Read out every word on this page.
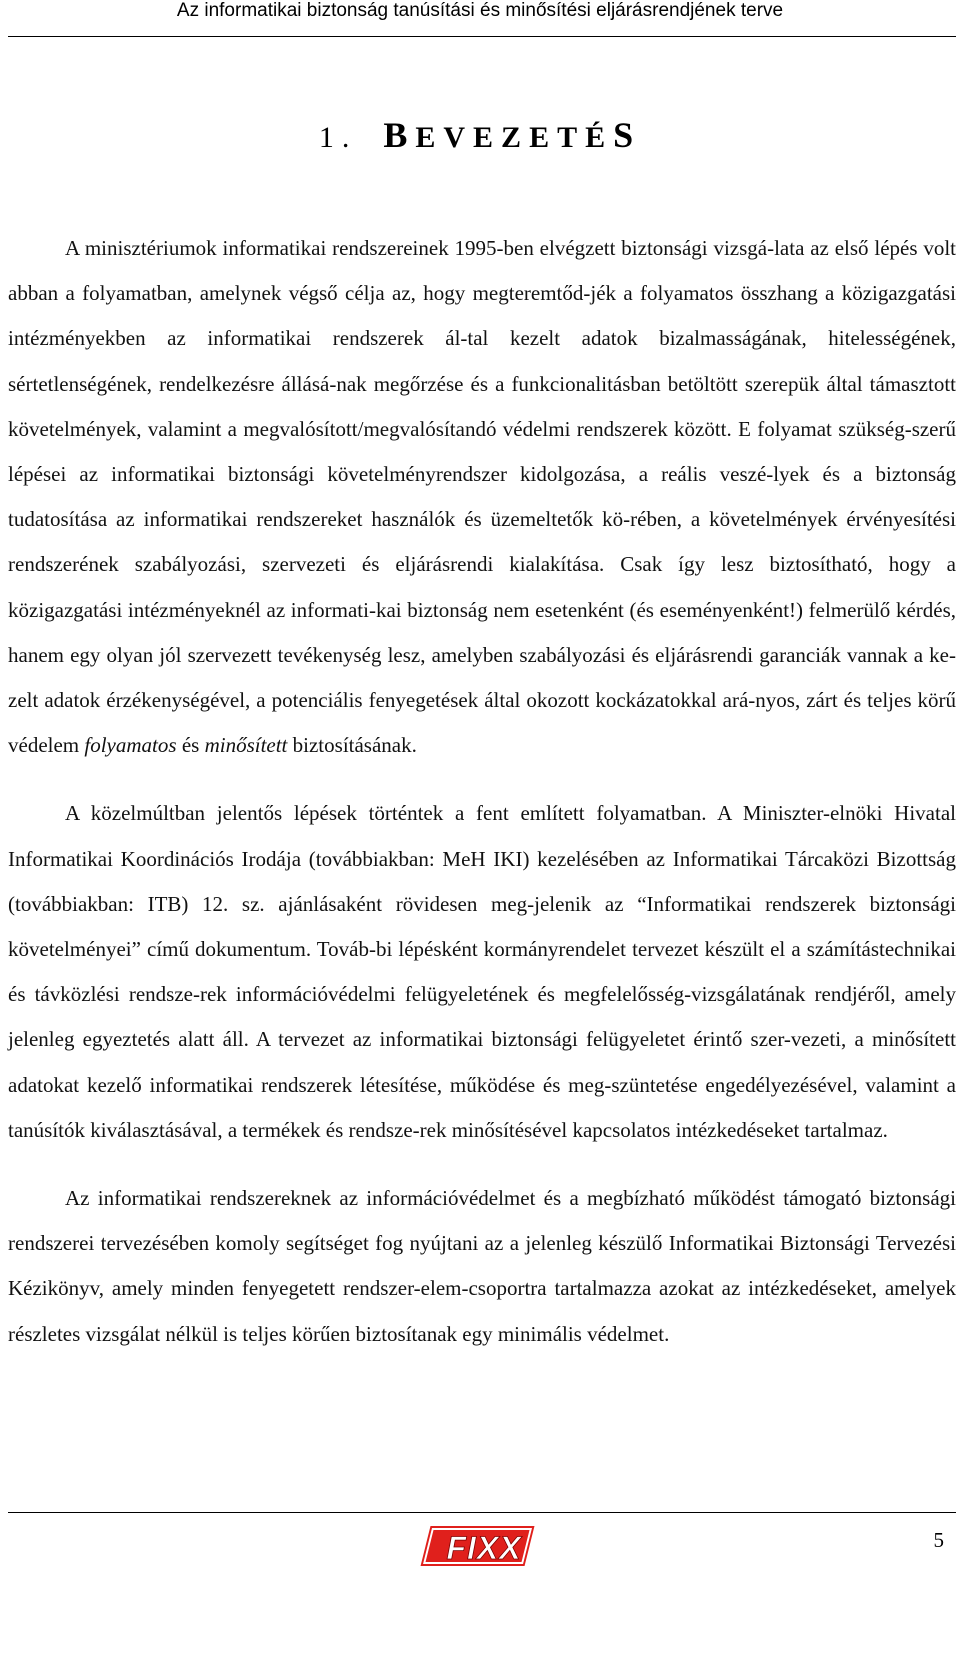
Az informatikai biztonság tanúsítási és minősítési eljárásrendjének terve
1. BEVEZETÉS

A minisztériumok informatikai rendszereinek 1995-ben elvégzett biztonsági vizsgá-lata az első lépés volt abban a folyamatban, amelynek végső célja az, hogy megteremtőd-jék a folyamatos összhang a közigazgatási intézményekben az informatikai rendszerek ál-tal kezelt adatok bizalmasságának, hitelességének, sértetlenségének, rendelkezésre állásá-nak megőrzése és a funkcionalitásban betöltött szerepük által támasztott követelmények, valamint a megvalósított/megvalósítandó védelmi rendszerek között. E folyamat szükség-szerű lépései az informatikai biztonsági követelményrendszer kidolgozása, a reális veszé-lyek és a biztonság tudatosítása az informatikai rendszereket használók és üzemeltetők kö-rében, a követelmények érvényesítési rendszerének szabályozási, szervezeti és eljárásrendi kialakítása. Csak így lesz biztosítható, hogy a közigazgatási intézményeknél az informati-kai biztonság nem esetenként (és eseményenként!) felmerülő kérdés, hanem egy olyan jól szervezett tevékenység lesz, amelyben szabályozási és eljárásrendi garanciák vannak a ke-zelt adatok érzékenységével, a potenciális fenyegetések által okozott kockázatokkal ará-nyos, zárt és teljes körű védelem folyamatos és minősített biztosításának.

A közelmúltban jelentős lépések történtek a fent említett folyamatban. A Miniszter-elnöki Hivatal Informatikai Koordinációs Irodája (továbbiakban: MeH IKI) kezelésében az Informatikai Tárcaközi Bizottság (továbbiakban: ITB) 12. sz. ajánlásaként rövidesen meg-jelenik az “Informatikai rendszerek biztonsági követelményei” című dokumentum. Továb-bi lépésként kormányrendelet tervezet készült el a számítástechnikai és távközlési rendsze-rek információvédelmi felügyeletének és megfelelősség-vizsgálatának rendjéről, amely jelenleg egyeztetés alatt áll. A tervezet az informatikai biztonsági felügyeletet érintő szer-vezeti, a minősített adatokat kezelő informatikai rendszerek létesítése, működése és meg-szüntetése engedélyezésével, valamint a tanúsítók kiválasztásával, a termékek és rendsze-rek minősítésével kapcsolatos intézkedéseket tartalmaz.

Az informatikai rendszereknek az információvédelmet és a megbízható működést támogató biztonsági rendszerei tervezésében komoly segítséget fog nyújtani az a jelenleg készülő Informatikai Biztonsági Tervezési Kézikönyv, amely minden fenyegetett rendszer-elem-csoportra tartalmazza azokat az intézkedéseket, amelyek részletes vizsgálat nélkül is teljes körűen biztosítanak egy minimális védelmet.

FIXX	5
